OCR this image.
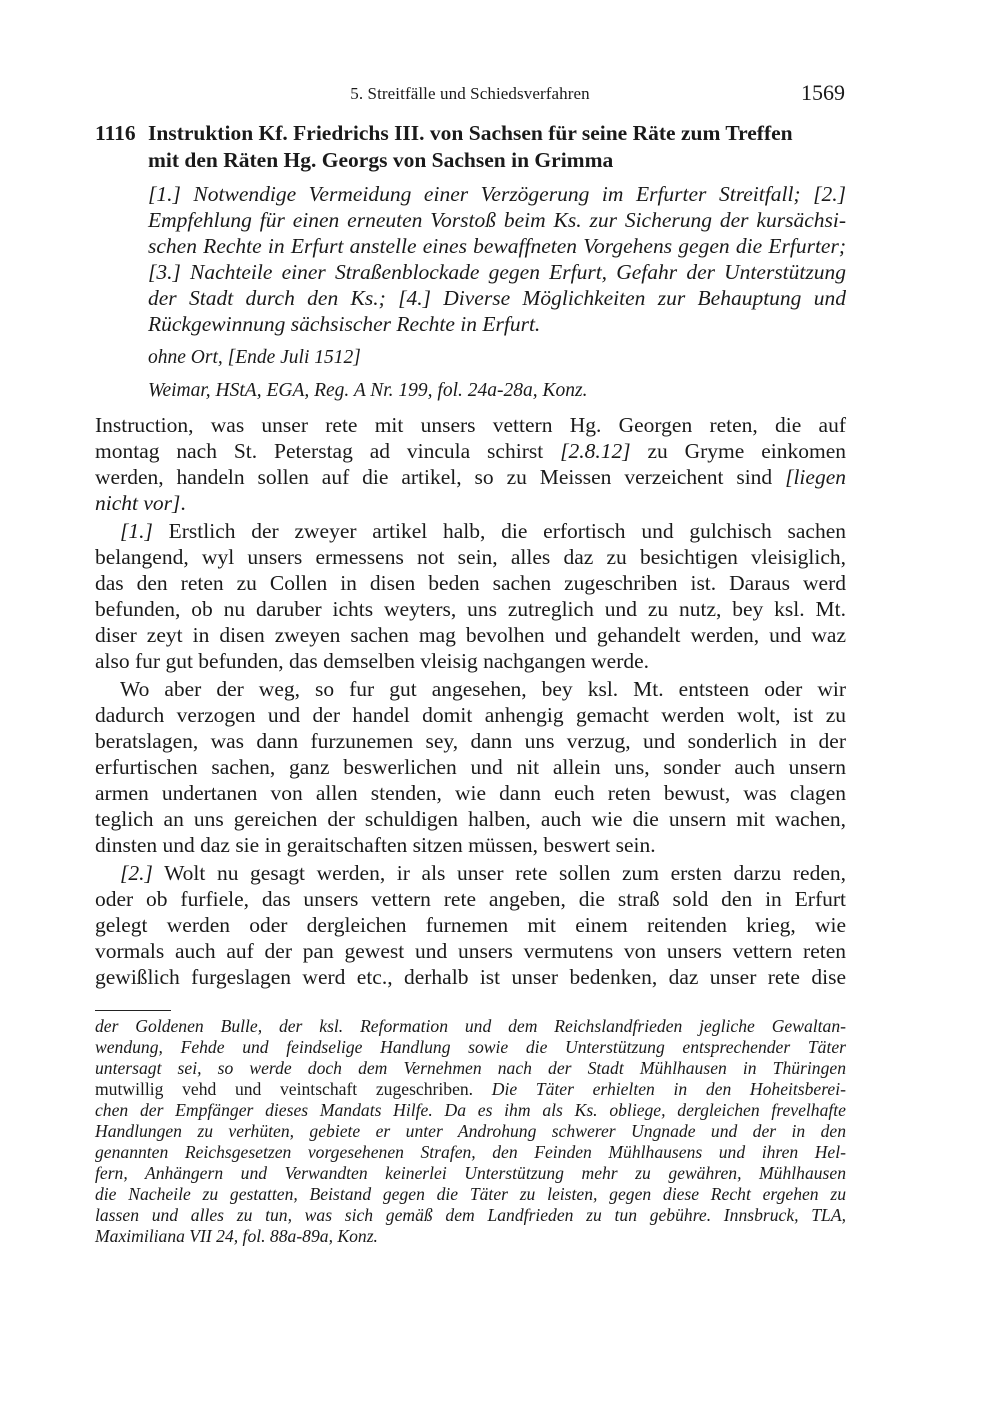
5. Streitfälle und Schiedsverfahren	1569
1116 Instruktion Kf. Friedrichs III. von Sachsen für seine Räte zum Treffen
mit den Räten Hg. Georgs von Sachsen in Grimma
[1.] Notwendige Vermeidung einer Verzögerung im Erfurter Streitfall; [2.]
Empfehlung für einen erneuten Vorstoß beim Ks. zur Sicherung der kursächsi-
schen Rechte in Erfurt anstelle eines bewaffneten Vorgehens gegen die Erfurter;
[3.] Nachteile einer Straßenblockade gegen Erfurt, Gefahr der Unterstützung
der Stadt durch den Ks.; [4.] Diverse Möglichkeiten zur Behauptung und
Rückgewinnung sächsischer Rechte in Erfurt.
ohne Ort, [Ende Juli 1512]
Weimar, HStA, EGA, Reg. A Nr. 199, fol. 24a-28a, Konz.
Instruction, was unser rete mit unsers vettern Hg. Georgen reten, die auf
montag nach St. Peterstag ad vincula schirst [2.8.12] zu Gryme einkomen
werden, handeln sollen auf die artikel, so zu Meissen verzeichent sind [liegen
nicht vor].
[1.] Erstlich der zweyer artikel halb, die erfortisch und gulchisch sachen
belangend, wyl unsers ermessens not sein, alles daz zu besichtigen vleisiglich,
das den reten zu Collen in disen beden sachen zugeschriben ist. Daraus werd
befunden, ob nu daruber ichts weyters, uns zutreglich und zu nutz, bey ksl. Mt.
diser zeyt in disen zweyen sachen mag bevolhen und gehandelt werden, und waz
also fur gut befunden, das demselben vleisig nachgangen werde.
Wo aber der weg, so fur gut angesehen, bey ksl. Mt. entsteen oder wir
dadurch verzogen und der handel domit anhengig gemacht werden wolt, ist zu
beratslagen, was dann furzunemen sey, dann uns verzug, und sonderlich in der
erfurtischen sachen, ganz beswerlichen und nit allein uns, sonder auch unsern
armen undertanen von allen stenden, wie dann euch reten bewust, was clagen
teglich an uns gereichen der schuldigen halben, auch wie die unsern mit wachen,
dinsten und daz sie in geraitschaften sitzen müssen, beswert sein.
[2.] Wolt nu gesagt werden, ir als unser rete sollen zum ersten darzu reden,
oder ob furfiele, das unsers vettern rete angeben, die straß sold den in Erfurt
gelegt werden oder dergleichen furnemen mit einem reitenden krieg, wie
vormals auch auf der pan gewest und unsers vermutens von unsers vettern reten
gewißlich furgeslagen werd etc., derhalb ist unser bedenken, daz unser rete dise
der Goldenen Bulle, der ksl. Reformation und dem Reichslandfrieden jegliche Gewaltan-
wendung, Fehde und feindselige Handlung sowie die Unterstützung entsprechender Täter
untersagt sei, so werde doch dem Vernehmen nach der Stadt Mühlhausen in Thüringen
mutwillig vehd und veintschaft zugeschriben. Die Täter erhielten in den Hoheitsberei-
chen der Empfänger dieses Mandats Hilfe. Da es ihm als Ks. obliege, dergleichen frevelhafte
Handlungen zu verhüten, gebiete er unter Androhung schwerer Ungnade und der in den
genannten Reichsgesetzen vorgesehenen Strafen, den Feinden Mühlhausens und ihren Hel-
fern, Anhängern und Verwandten keinerlei Unterstützung mehr zu gewähren, Mühlhausen
die Nacheile zu gestatten, Beistand gegen die Täter zu leisten, gegen diese Recht ergehen zu
lassen und alles zu tun, was sich gemäß dem Landfrieden zu tun gebühre. Innsbruck, TLA,
Maximiliana VII 24, fol. 88a-89a, Konz.
